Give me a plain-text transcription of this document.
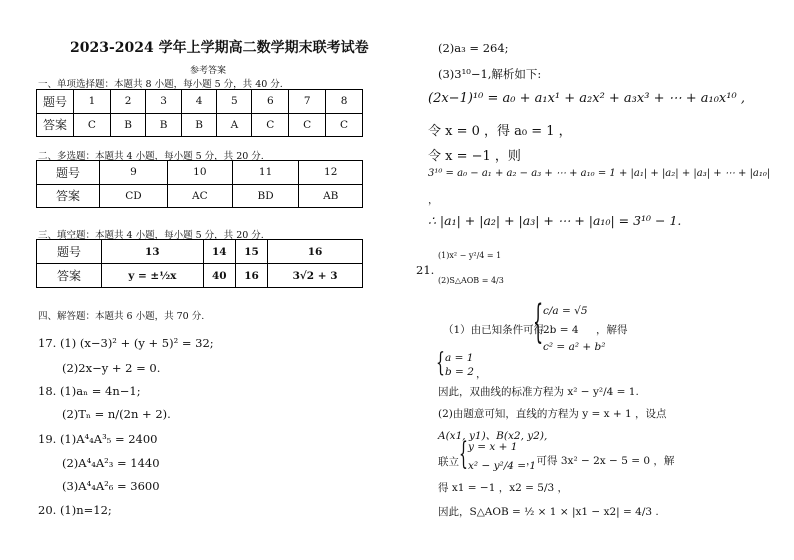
2023-2024 学年上学期高二数学期末联考试卷
参考答案
一、单项选择题：本题共 8 小题，每小题 5 分，共 40 分.
题号	1	2	3	4	5	6	7	8
答案	C	B	B	B	A	C	C	C
二、多选题：本题共 4 小题，每小题 5 分，共 20 分.
题号	9	10	11	12
答案	CD	AC	BD	AB
三、填空题：本题共 4 小题，每小题 5 分，共 20 分.
题号	13	14	15	16
答案	y = ±½x	40	16	3√2 + 3
四、解答题：本题共 6 小题，共 70 分.
17. (1) (x−3)² + (y + 5)² = 32;
(2)2x−y + 2 = 0.
18. (1)aₙ = 4n−1;
(2)Tₙ = n/(2n + 2).
19. (1)A⁴₄A³₅ = 2400
(2)A⁴₄A²₃ = 1440
(3)A⁴₄A²₆ = 3600
20. (1)n=12;
(2)a₃ = 264;
(3)3¹⁰−1,解析如下:
(2x−1)¹⁰ = a₀ + a₁x¹ + a₂x² + a₃x³ + ⋯ + a₁₀x¹⁰ ,
令 x = 0 ，得 a₀ = 1 ，
令 x = −1 ，则
3¹⁰ = a₀ − a₁ + a₂ − a₃ + ⋯ + a₁₀ = 1 + |a₁| + |a₂| + |a₃| + ⋯ + |a₁₀|
，
∴ |a₁| + |a₂| + |a₃| + ⋯ + |a₁₀| = 3¹⁰ − 1.
21.
(1)x² − y²/4 = 1
(2)S△AOB = 4/3
（1）由已知条件可得
{ c/a = √5
2b = 4
c² = a² + b²
，解得
{ a = 1
b = 2 ，
因此，双曲线的标准方程为 x² − y²/4 = 1.
(2)由题意可知，直线的方程为 y = x + 1 ，设点
A(x1, y1)、B(x2, y2),
联立 { y = x + 1
x² − y²/4 = 1
，可得 3x² − 2x − 5 = 0 ，解
得 x1 = −1 ，x2 = 5/3 ，
因此，S△AOB = ½ × 1 × |x1 − x2| = 4/3 .
